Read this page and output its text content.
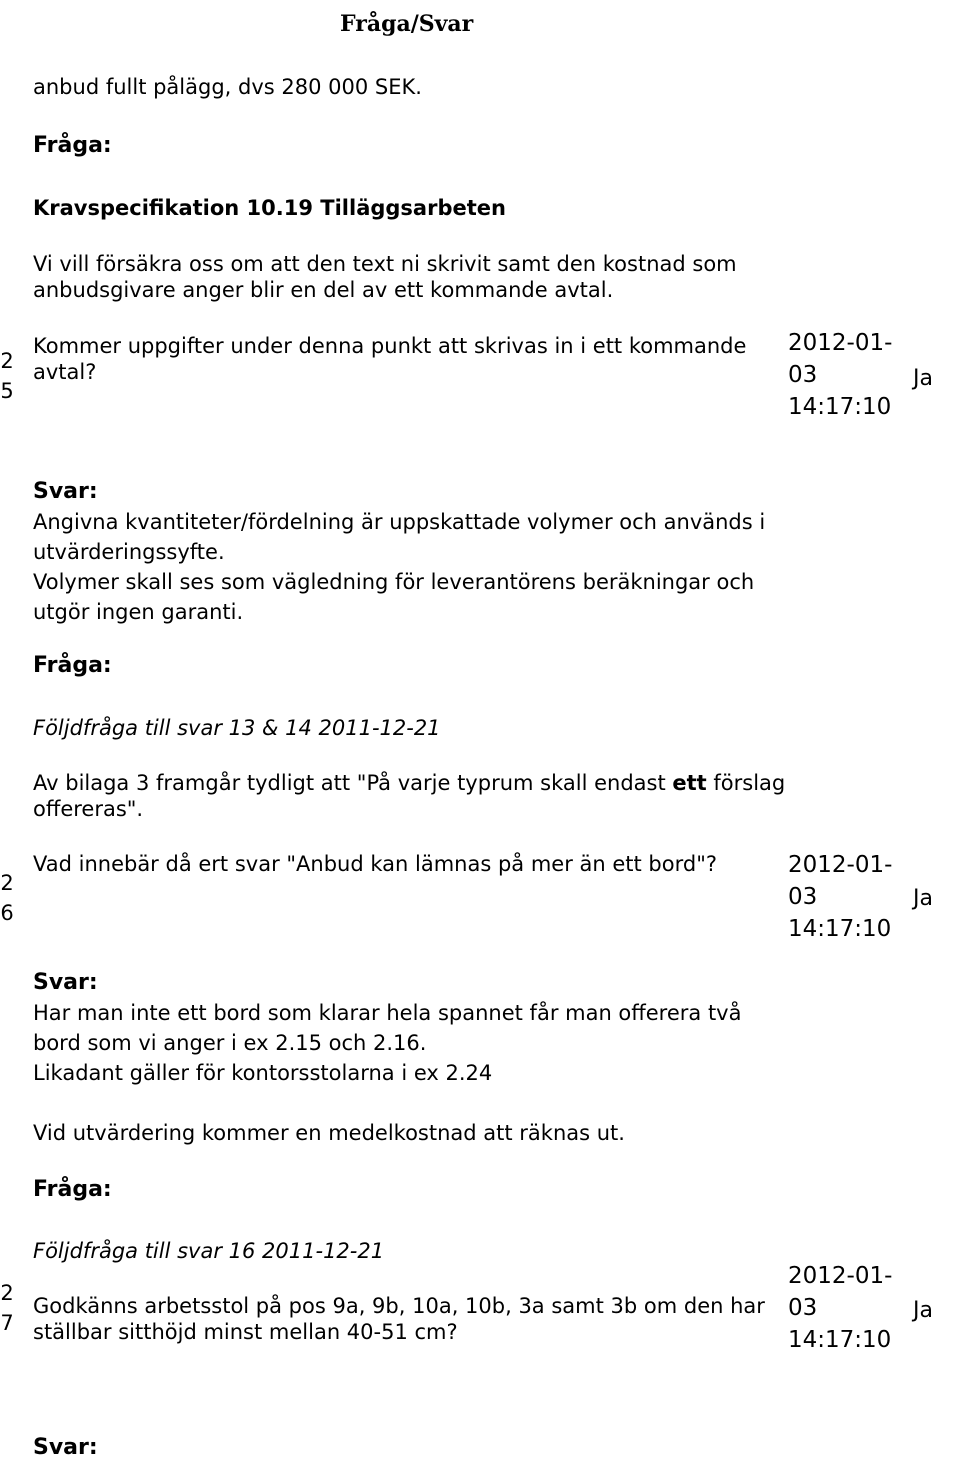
Id	Fråga/Svar	Publicerad
Läst
anbud fullt pålägg, dvs 280 000 SEK.
Fråga:
Kravspecifikation 10.19 Tilläggsarbeten
Vi vill försäkra oss om att den text ni skrivit samt den kostnad som anbudsgivare anger blir en del av ett kommande avtal.
Kommer uppgifter under denna punkt att skrivas in i ett kommande avtal?
25
2012-01-
03
14:17:10
Ja
Svar:
Angivna kvantiteter/fördelning är uppskattade volymer och används i utvärderingssyfte.
Volymer skall ses som vägledning för leverantörens beräkningar och utgör ingen garanti.
Fråga:
Följdfråga till svar 13 & 14 2011-12-21
Av bilaga 3 framgår tydligt att "På varje typrum skall endast ett förslag offereras".
Vad innebär då ert svar "Anbud kan lämnas på mer än ett bord"?
26
2012-01-
03
14:17:10
Ja
Svar:
Har man inte ett bord som klarar hela spannet får man offerera två bord som vi anger i ex 2.15 och 2.16.
Likadant gäller för kontorsstolarna i ex 2.24
Vid utvärdering kommer en medelkostnad att räknas ut.
Fråga:
Följdfråga till svar 16 2011-12-21
Godkänns arbetsstol på pos 9a, 9b, 10a, 10b, 3a samt 3b om den har ställbar sitthöjd minst mellan 40-51 cm?
27
2012-01-
03
14:17:10
Ja
Svar:
